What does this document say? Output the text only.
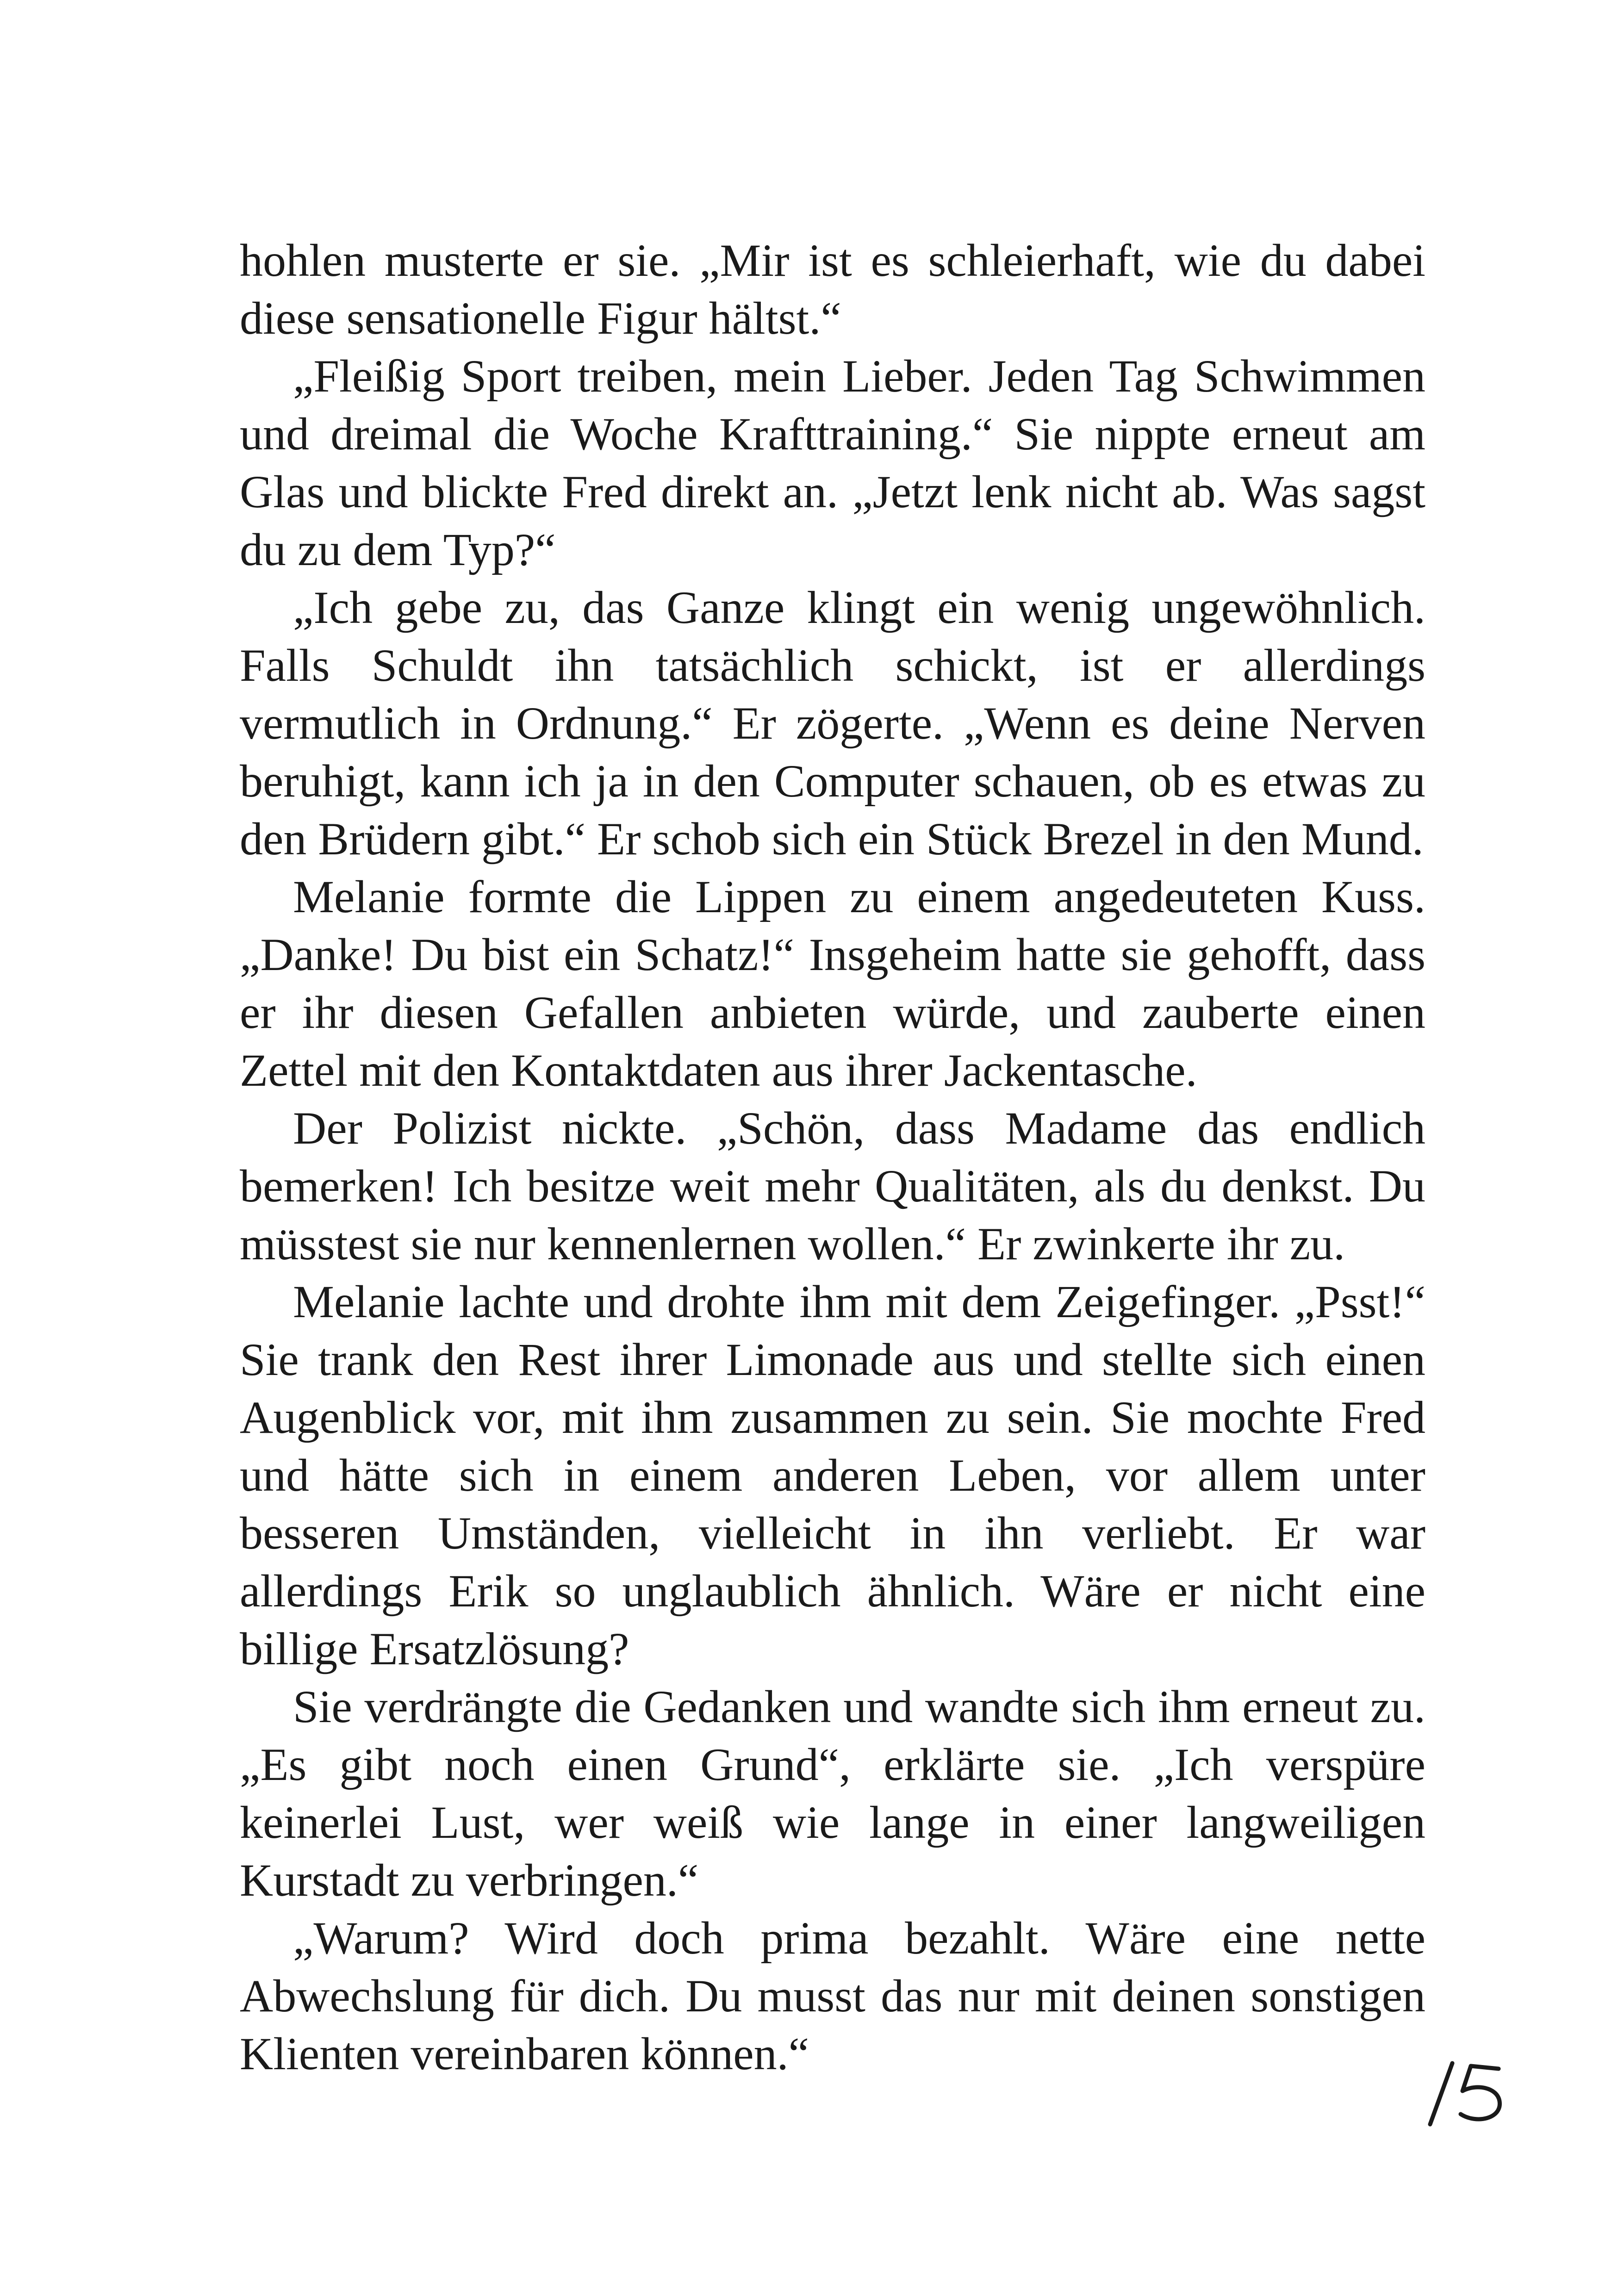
hohlen musterte er sie. „Mir ist es schleierhaft, wie du dabei diese sensationelle Figur hältst.“

„Fleißig Sport treiben, mein Lieber. Jeden Tag Schwimmen und dreimal die Woche Krafttraining.“ Sie nippte erneut am Glas und blickte Fred direkt an. „Jetzt lenk nicht ab. Was sagst du zu dem Typ?“

„Ich gebe zu, das Ganze klingt ein wenig ungewöhnlich. Falls Schuldt ihn tatsächlich schickt, ist er allerdings vermutlich in Ordnung.“ Er zögerte. „Wenn es deine Nerven beruhigt, kann ich ja in den Computer schauen, ob es etwas zu den Brüdern gibt.“ Er schob sich ein Stück Brezel in den Mund.

Melanie formte die Lippen zu einem angedeuteten Kuss. „Danke! Du bist ein Schatz!“ Insgeheim hatte sie gehofft, dass er ihr diesen Gefallen anbieten würde, und zauberte einen Zettel mit den Kontaktdaten aus ihrer Jackentasche.

Der Polizist nickte. „Schön, dass Madame das endlich bemerken! Ich besitze weit mehr Qualitäten, als du denkst. Du müsstest sie nur kennenlernen wollen.“ Er zwinkerte ihr zu.

Melanie lachte und drohte ihm mit dem Zeigefinger. „Psst!“ Sie trank den Rest ihrer Limonade aus und stellte sich einen Augenblick vor, mit ihm zusammen zu sein. Sie mochte Fred und hätte sich in einem anderen Leben, vor allem unter besseren Umständen, vielleicht in ihn verliebt. Er war allerdings Erik so unglaublich ähnlich. Wäre er nicht eine billige Ersatzlösung?

Sie verdrängte die Gedanken und wandte sich ihm erneut zu. „Es gibt noch einen Grund“, erklärte sie. „Ich verspüre keinerlei Lust, wer weiß wie lange in einer langweiligen Kurstadt zu verbringen.“

„Warum? Wird doch prima bezahlt. Wäre eine nette Abwechslung für dich. Du musst das nur mit deinen sonstigen Klienten vereinbaren können.“
